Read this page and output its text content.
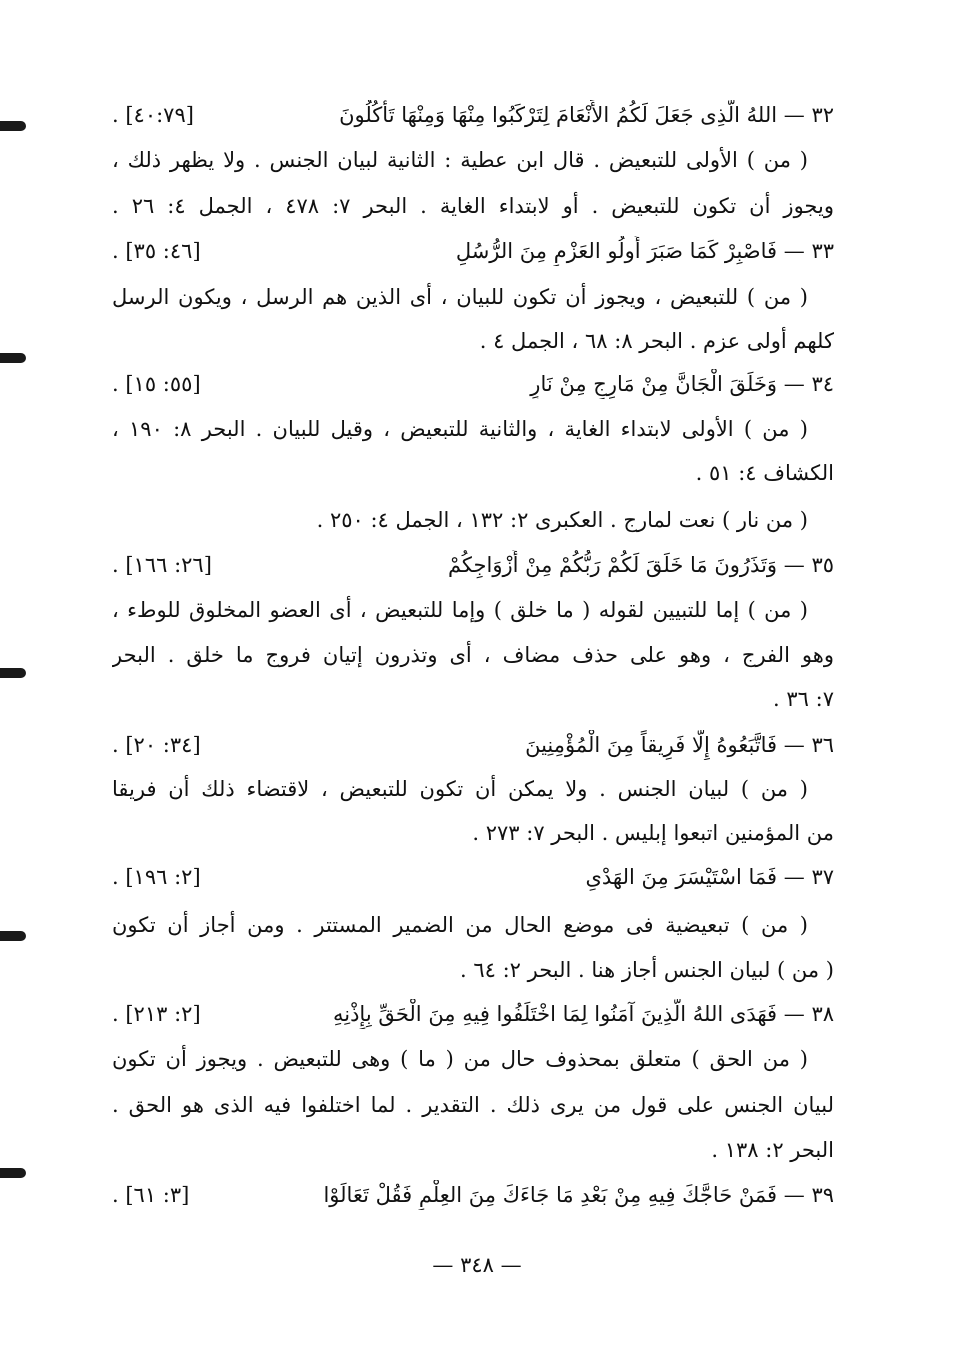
٣٢ — اللهُ الَّذِى جَعَلَ لَكُمُ الأَنْعَامَ لِتَرْكَبُوا مِنْهَا وَمِنْهَا تَأْكُلُونَ
[٤٠:٧٩] .
( من ) الأولى للتبعيض . قال ابن عطية : الثانية لبيان الجنس . ولا يظهر ذلك ،
ويجوز أن تكون للتبعيض . أو لابتداء الغاية . البحر ٧: ٤٧٨ ، الجمل ٤: ٢٦ .
٣٣ — فَاصْبِرْ كَمَا صَبَرَ أُولُو العَزْمِ مِنَ الرُّسُلِ
[٤٦: ٣٥] .
( من ) للتبعيض ، ويجوز أن تكون للبيان ، أى الذين هم الرسل ، ويكون الرسل
كلهم أولى عزم . البحر ٨: ٦٨ ، الجمل ٤ .
٣٤ — وَخَلَقَ الْجَانَّ مِنْ مَارِجٍ مِنْ نَارٍ
[٥٥: ١٥] .
( من ) الأولى لابتداء الغاية ، والثانية للتبعيض ، وقيل للبيان . البحر ٨: ١٩٠ ،
الكشاف ٤: ٥١ .
( من نار ) نعت لمارج . العكبرى ٢: ١٣٢ ، الجمل ٤: ٢٥٠ .
٣٥ — وَتَذَرُونَ مَا خَلَقَ لَكُمْ رَبُّكُمْ مِنْ أَزْوَاجِكُمْ
[٢٦: ١٦٦] .
( من ) إما للتبيين لقوله ( ما خلق ) وإما للتبعيض ، أى العضو المخلوق للوطء ،
وهو الفرج ، وهو على حذف مضاف ، أى وتذرون إتيان فروج ما خلق . البحر
٧: ٣٦ .
٣٦ — فَاتَّبَعُوهُ إِلَّا فَرِيقاً مِنَ الْمُؤْمِنِينَ
[٣٤: ٢٠] .
( من ) لبيان الجنس . ولا يمكن أن تكون للتبعيض ، لاقتضاء ذلك أن فريقا
من المؤمنين اتبعوا إبليس . البحر ٧: ٢٧٣ .
٣٧ — فَمَا اسْتَيْسَرَ مِنَ الهَدْىِ
[٢: ١٩٦] .
( من ) تبعيضية فى موضع الحال من الضمير المستتر . ومن أجاز أن تكون
( من ) لبيان الجنس أجاز هنا . البحر ٢: ٦٤ .
٣٨ — فَهَدَى اللهُ الَّذِينَ آمَنُوا لِمَا اخْتَلَفُوا فِيهِ مِنَ الْحَقِّ بِإِذْنِهِ
[٢: ٢١٣] .
( من الحق ) متعلق بمحذوف حال من ( ما ) وهى للتبعيض . ويجوز أن تكون
لبيان الجنس على قول من يرى ذلك . التقدير . لما اختلفوا فيه الذى هو الحق .
البحر ٢: ١٣٨ .
٣٩ — فَمَنْ حَاجَّكَ فِيهِ مِنْ بَعْدِ مَا جَاءَكَ مِنَ العِلْمِ فَقُلْ تَعَالَوْا
[٣: ٦١] .
— ٣٤٨ —
